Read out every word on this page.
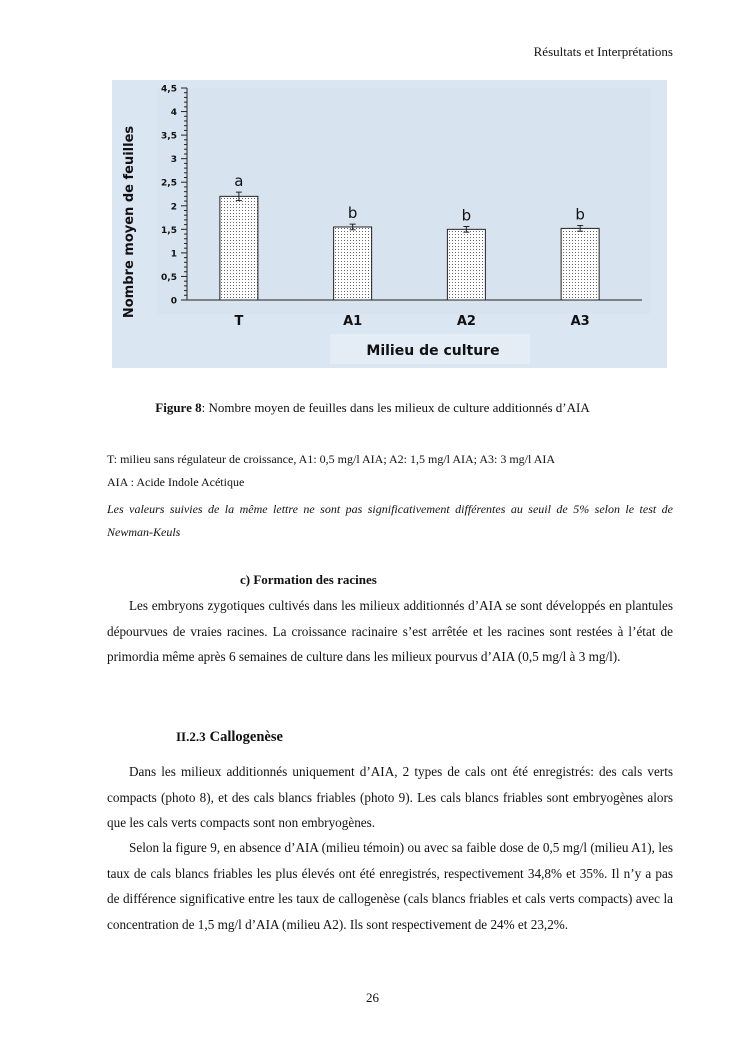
Résultats et Interprétations
0
0,5
1
1,5
2
2,5
3
3,5
4
4,5
a
b	b	b
T	A1	A2	A3
Milieu de culture
Nombre moyen de feuilles
Figure 8: Nombre moyen de feuilles dans les milieux de culture additionnés d’AIA
T: milieu sans régulateur de croissance, A1: 0,5 mg/l AIA; A2: 1,5 mg/l AIA; A3: 3 mg/l AIA
AIA : Acide Indole Acétique
Les valeurs suivies de la même lettre ne sont pas significativement différentes au seuil de 5% selon le test de Newman-Keuls
c) Formation des racines
Les embryons zygotiques cultivés dans les milieux additionnés d’AIA se sont développés en plantules dépourvues de vraies racines. La croissance racinaire s’est arrêtée et les racines sont restées à l’état de primordia même après 6 semaines de culture dans les milieux pourvus d’AIA (0,5 mg/l à 3 mg/l).
II.2.3 Callogenèse
Dans les milieux additionnés uniquement d’AIA, 2 types de cals ont été enregistrés: des cals verts compacts (photo 8), et des cals blancs friables (photo 9). Les cals blancs friables sont embryogènes alors que les cals verts compacts sont non embryogènes.
Selon la figure 9, en absence d’AIA (milieu témoin) ou avec sa faible dose de 0,5 mg/l (milieu A1), les taux de cals blancs friables les plus élevés ont été enregistrés, respectivement 34,8% et 35%. Il n’y a pas de différence significative entre les taux de callogenèse (cals blancs friables et cals verts compacts) avec la concentration de 1,5 mg/l d’AIA (milieu A2). Ils sont respectivement de 24% et 23,2%.
26
